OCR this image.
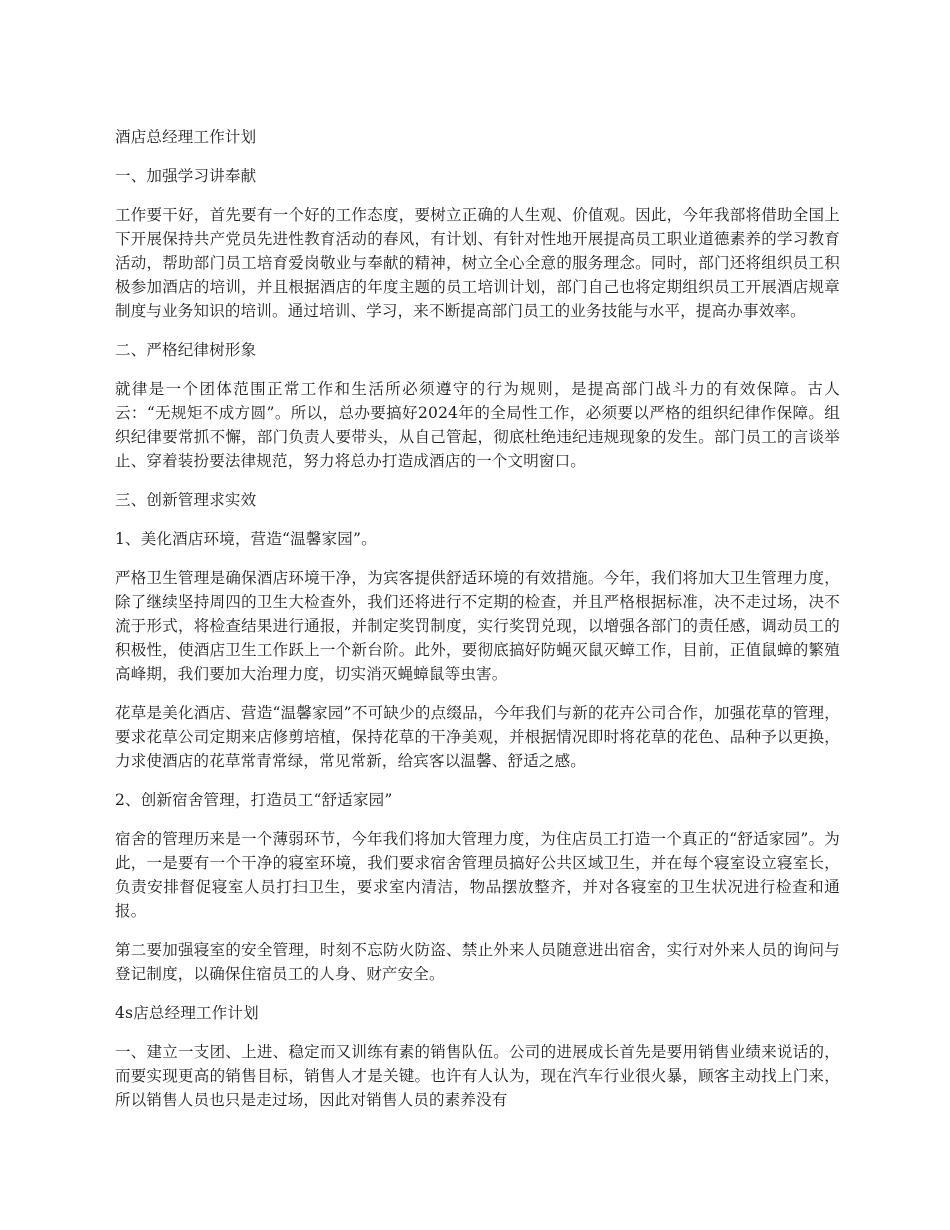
酒店总经理工作计划
一、加强学习讲奉献
工作要干好，首先要有一个好的工作态度，要树立正确的人生观、价值观。因此，今年我部将借助全国上下开展保持共产党员先进性教育活动的春风，有计划、有针对性地开展提高员工职业道德素养的学习教育活动，帮助部门员工培育爱岗敬业与奉献的精神，树立全心全意的服务理念。同时，部门还将组织员工积极参加酒店的培训，并且根据酒店的年度主题的员工培训计划，部门自己也将定期组织员工开展酒店规章制度与业务知识的培训。通过培训、学习，来不断提高部门员工的业务技能与水平，提高办事效率。
二、严格纪律树形象
就律是一个团体范围正常工作和生活所必须遵守的行为规则，是提高部门战斗力的有效保障。古人云：“无规矩不成方圆”。所以，总办要搞好2024年的全局性工作，必须要以严格的组织纪律作保障。组织纪律要常抓不懈，部门负责人要带头，从自己管起，彻底杜绝违纪违规现象的发生。部门员工的言谈举止、穿着装扮要法律规范，努力将总办打造成酒店的一个文明窗口。
三、创新管理求实效
1、美化酒店环境，营造“温馨家园”。
严格卫生管理是确保酒店环境干净，为宾客提供舒适环境的有效措施。今年，我们将加大卫生管理力度，除了继续坚持周四的卫生大检查外，我们还将进行不定期的检查，并且严格根据标准，决不走过场，决不流于形式，将检查结果进行通报，并制定奖罚制度，实行奖罚兑现，以增强各部门的责任感，调动员工的积极性，使酒店卫生工作跃上一个新台阶。此外，要彻底搞好防蝇灭鼠灭蟑工作，目前，正值鼠蟑的繁殖高峰期，我们要加大治理力度，切实消灭蝇蟑鼠等虫害。
花草是美化酒店、营造“温馨家园”不可缺少的点缀品，今年我们与新的花卉公司合作，加强花草的管理，要求花草公司定期来店修剪培植，保持花草的干净美观，并根据情况即时将花草的花色、品种予以更换，力求使酒店的花草常青常绿，常见常新，给宾客以温馨、舒适之感。
2、创新宿舍管理，打造员工“舒适家园”
宿舍的管理历来是一个薄弱环节，今年我们将加大管理力度，为住店员工打造一个真正的“舒适家园”。为此，一是要有一个干净的寝室环境，我们要求宿舍管理员搞好公共区域卫生，并在每个寝室设立寝室长，负责安排督促寝室人员打扫卫生，要求室内清洁，物品摆放整齐，并对各寝室的卫生状况进行检查和通报。
第二要加强寝室的安全管理，时刻不忘防火防盗、禁止外来人员随意进出宿舍，实行对外来人员的询问与登记制度，以确保住宿员工的人身、财产安全。
4s店总经理工作计划
一、建立一支团、上进、稳定而又训练有素的销售队伍。公司的进展成长首先是要用销售业绩来说话的，而要实现更高的销售目标，销售人才是关键。也许有人认为，现在汽车行业很火暴，顾客主动找上门来，所以销售人员也只是走过场，因此对销售人员的素养没有
